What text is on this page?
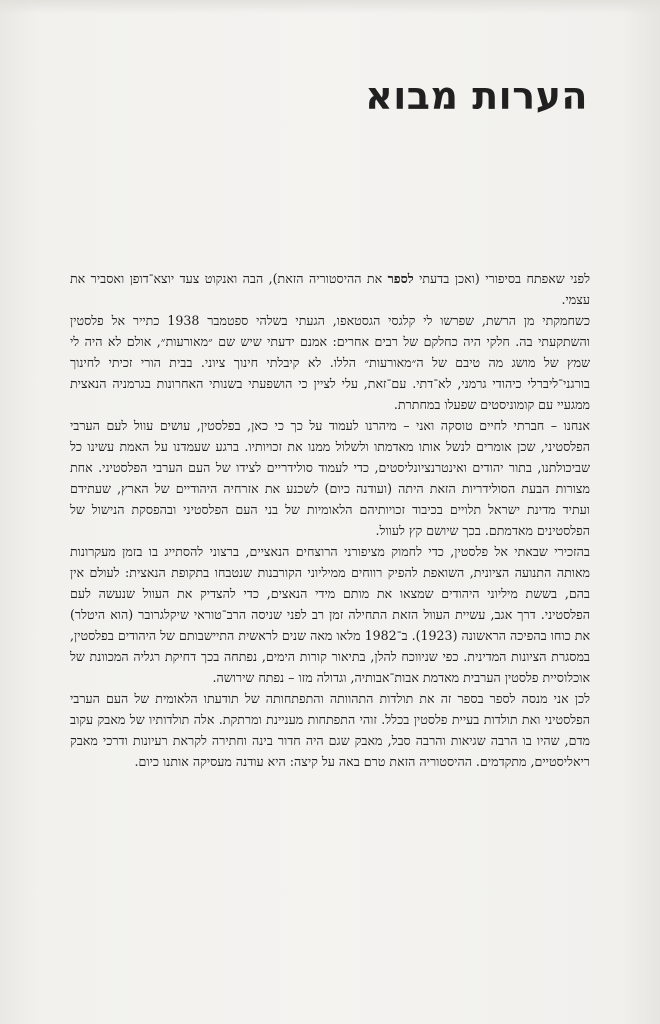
הערות מבוא

לפני שאפתח בסיפורי (ואכן בדעתי לספר את ההיסטוריה הזאת), הבה ואנקוט צעד יוצא־דופן ואסביר את עצמי.

כשחמקתי מן הרשת, שפרשו לי קלגסי הגסטאפו, הגעתי בשלהי ספטמבר 1938 כתייר אל פלסטין והשתקעתי בה. חלקי היה כחלקם של רבים אחרים: אמנם ידעתי שיש שם ״מאורעות״, אולם לא היה לי שמץ של מושג מה טיבם של ה״מאורעות״ הללו. לא קיבלתי חינוך ציוני. בבית הורי זכיתי לחינוך בורגני־ליברלי כיהודי גרמני, לא־דתי. עם־זאת, עלי לציין כי הושפעתי בשנותי האחרונות בגרמניה הנאצית ממגעיי עם קומוניסטים שפעלו במחתרת.

אנחנו – חברתי לחיים טוסקה ואני – מיהרנו לעמוד על כך כי כאן, בפלסטין, עושים עוול לעם הערבי הפלסטיני, שכן אומרים לנשל אותו מאדמתו ולשלול ממנו את זכויותיו. ברגע שעמדנו על האמת עשינו כל שביכולתנו, בתור יהודים ואינטרנציונליסטים, כדי לעמוד סולידריים לצידו של העם הערבי הפלסטיני. אחת מצורות הבעת הסולידריות הזאת היתה (ועודנה כיום) לשכנע את אזרחיה היהודיים של הארץ, שעתידם ועתיד מדינת ישראל תלויים בכיבוד זכויותיהם הלאומיות של בני העם הפלסטיני ובהפסקת הנישול של הפלסטינים מאדמתם. בכך שיושם קץ לעוול.

בהזכירי שבאתי אל פלסטין, כדי לחמוק מציפורני הרוצחים הנאציים, ברצוני להסתייג בו בזמן מעקרונות מאותה התנועה הציונית, השואפת להפיק רווחים ממיליוני הקורבנות שנטבחו בתקופת הנאצית: לעולם אין בהם, בששת מיליוני היהודים שמצאו את מותם מידי הנאצים, כדי להצדיק את העוול שנעשה לעם הפלסטיני. דרך אגב, עשיית העוול הזאת התחילה זמן רב לפני שניסה הרב־טוראי שיקלגרובר (הוא היטלר) את כוחו בהפיכה הראשונה (1923). ב־1982 מלאו מאה שנים לראשית התיישבותם של היהודים בפלסטין, במסגרת הציונות המדינית. כפי שניווכח להלן, בתיאור קורות הימים, נפתחה בכך דחיקת רגליה המכוונת של אוכלוסיית פלסטין הערבית מאדמת אבות־אבותיה, וגדולה מזו – נפתח שירושה.

לכן אני מנסה לספר בספר זה את תולדות התהוותה והתפתחותה של תודעתו הלאומית של העם הערבי הפלסטיני ואת תולדות בעיית פלסטין בכלל. זוהי התפתחות מעניינת ומרתקת. אלה תולדותיו של מאבק עקוב מדם, שהיו בו הרבה שגיאות והרבה סבל, מאבק שגם היה חדור בינה וחתירה לקראת רעיונות ודרכי מאבק ריאליסטיים, מתקדמים. ההיסטוריה הזאת טרם באה על קיצה: היא עודנה מעסיקה אותנו כיום.
